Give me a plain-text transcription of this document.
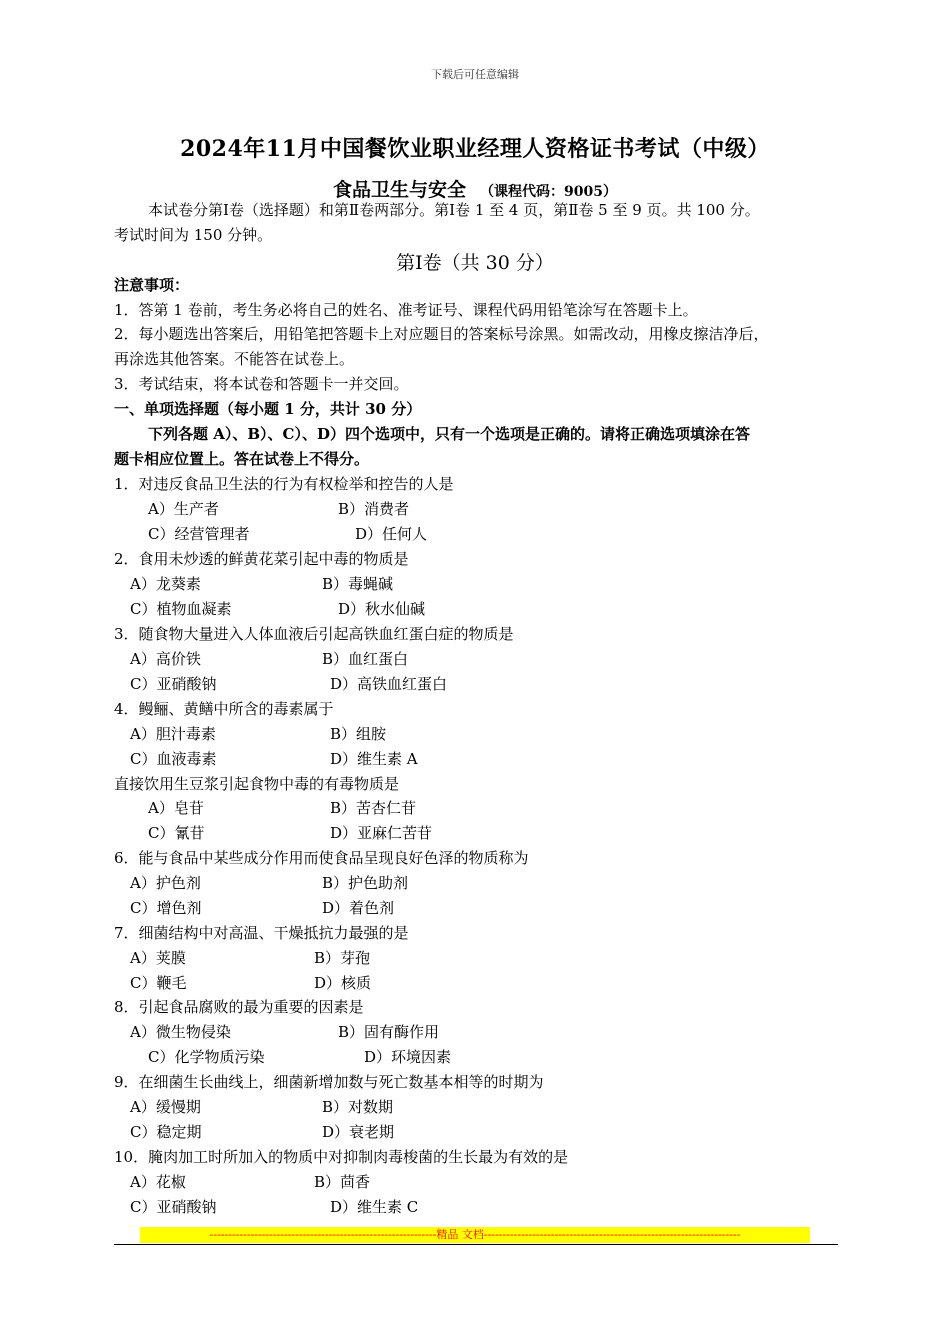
下载后可任意编辑
2024年11月中国餐饮业职业经理人资格证书考试（中级）
食品卫生与安全 （课程代码：9005）
本试卷分第Ⅰ卷（选择题）和第Ⅱ卷两部分。第Ⅰ卷 1 至 4 页，第Ⅱ卷 5 至 9 页。共 100 分。
考试时间为 150 分钟。
第Ⅰ卷（共 30 分）
注意事项：
1．答第 1 卷前，考生务必将自己的姓名、准考证号、课程代码用铅笔涂写在答题卡上。
2．每小题选出答案后，用铅笔把答题卡上对应题目的答案标号涂黑。如需改动，用橡皮擦洁净后，
再涂选其他答案。不能答在试卷上。
3．考试结束，将本试卷和答题卡一并交回。
一、单项选择题（每小题 1 分，共计 30 分）
下列各题 A）、B）、C）、D）四个选项中，只有一个选项是正确的。请将正确选项填涂在答
题卡相应位置上。答在试卷上不得分。
1．对违反食品卫生法的行为有权检举和控告的人是
A）生产者	B）消费者
C）经营管理者	D）任何人
2．食用未炒透的鲜黄花菜引起中毒的物质是
A）龙葵素	B）毒蝇碱
C）植物血凝素	D）秋水仙碱
3．随食物大量进入人体血液后引起高铁血红蛋白症的物质是
A）高价铁	B）血红蛋白
C）亚硝酸钠	D）高铁血红蛋白
4．鳗鲡、黄鳝中所含的毒素属于
A）胆汁毒素	B）组胺
C）血液毒素	D）维生素 A
直接饮用生豆浆引起食物中毒的有毒物质是
A）皂苷	B）苦杏仁苷
C）氰苷	D）亚麻仁苦苷
6．能与食品中某些成分作用而使食品呈现良好色泽的物质称为
A）护色剂	B）护色助剂
C）增色剂	D）着色剂
7．细菌结构中对高温、干燥抵抗力最强的是
A）荚膜	B）芽孢
C）鞭毛	D）核质
8．引起食品腐败的最为重要的因素是
A）微生物侵染	B）固有酶作用
C）化学物质污染	D）环境因素
9．在细菌生长曲线上，细菌新增加数与死亡数基本相等的时期为
A）缓慢期	B）对数期
C）稳定期	D）衰老期
10．腌肉加工时所加入的物质中对抑制肉毒梭菌的生长最为有效的是
A）花椒	B）茴香
C）亚硝酸钠	D）维生素 C
-------------------------------------------------------------精品 文档---------------------------------------------------------------------
